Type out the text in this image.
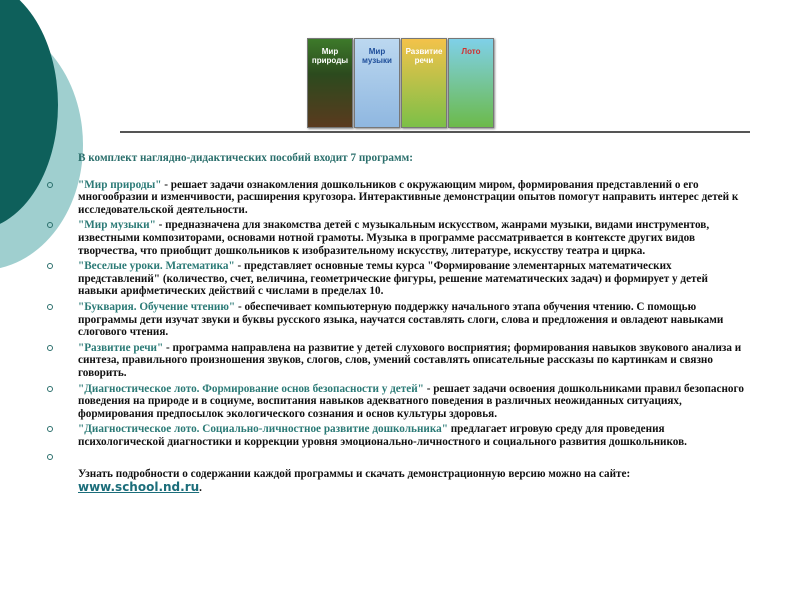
Мир природы
Мир музыки
Развитие речи
Лото
В комплект наглядно-дидактических пособий входит 7 программ:
"Мир природы" - решает задачи ознакомления дошкольников с окружающим миром, формирования представлений о его многообразии и изменчивости, расширения кругозора. Интерактивные демонстрации опытов помогут направить интерес детей к исследовательской деятельности.
"Мир музыки" - предназначена для знакомства детей с музыкальным искусством, жанрами музыки, видами инструментов, известными композиторами, основами нотной грамоты. Музыка в программе рассматривается в контексте других видов творчества, что приобщит дошкольников к изобразительному искусству, литературе, искусству театра и цирка.
"Веселые уроки. Математика" - представляет основные темы курса "Формирование элементарных математических представлений" (количество, счет, величина, геометрические фигуры, решение математических задач) и формирует у детей навыки арифметических действий с числами в пределах 10.
"Буквария. Обучение чтению" - обеспечивает компьютерную поддержку начального этапа обучения чтению. С помощью программы дети изучат звуки и буквы русского языка, научатся составлять слоги, слова и предложения и овладеют навыками слогового чтения.
"Развитие речи" - программа направлена на развитие у детей слухового восприятия; формирования навыков звукового анализа и синтеза, правильного произношения звуков, слогов, слов, умений составлять описательные рассказы по картинкам и связно говорить.
"Диагностическое лото. Формирование основ безопасности у детей" - решает задачи освоения дошкольниками правил безопасного поведения на природе и в социуме, воспитания навыков адекватного поведения в различных неожиданных ситуациях, формирования предпосылок экологического сознания и основ культуры здоровья.
"Диагностическое лото. Социально-личностное развитие дошкольника" предлагает игровую среду для проведения психологической диагностики и коррекции уровня эмоционально-личностного и социального развития дошкольников.
Узнать подробности о содержании каждой программы и скачать демонстрационную версию можно на сайте: www.school.nd.ru.
